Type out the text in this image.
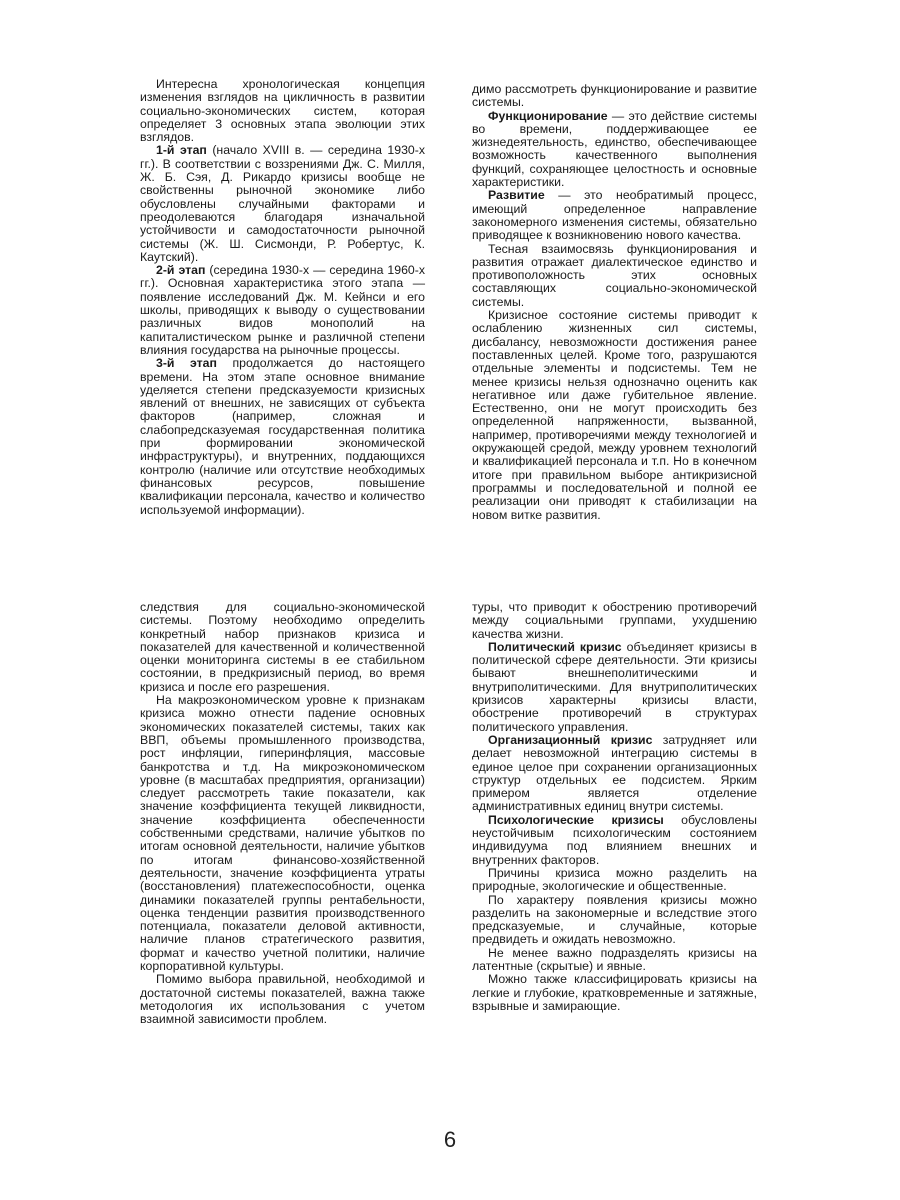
Интересна хронологическая концепция изменения взглядов на цикличность в развитии социально-экономических систем, которая определяет 3 основных этапа эволюции этих взглядов.

1-й этап (начало XVIII в. — середина 1930-х гг.). В соответствии с воззрениями Дж. С. Милля, Ж. Б. Сэя, Д. Рикардо кризисы вообще не свойственны рыночной экономике либо обусловлены случайными факторами и преодолеваются благодаря изначальной устойчивости и самодостаточности рыночной системы (Ж. Ш. Сисмонди, Р. Робертус, К. Каутский).

2-й этап (середина 1930-х — середина 1960-х гг.). Основная характеристика этого этапа — появление исследований Дж. М. Кейнси и его школы, приводящих к выводу о существовании различных видов монополий на капиталистическом рынке и различной степени влияния государства на рыночные процессы.

3-й этап продолжается до настоящего времени. На этом этапе основное внимание уделяется степени предсказуемости кризисных явлений от внешних, не зависящих от субъекта факторов (например, сложная и слабопредсказуемая государственная политика при формировании экономической инфраструктуры), и внутренних, поддающихся контролю (наличие или отсутствие необходимых финансовых ресурсов, повышение квалификации персонала, качество и количество используемой информации).

димо рассмотреть функционирование и развитие системы.

Функционирование — это действие системы во времени, поддерживающее ее жизнедеятельность, единство, обеспечивающее возможность качественного выполнения функций, сохраняющее целостность и основные характеристики.

Развитие — это необратимый процесс, имеющий определенное направление закономерного изменения системы, обязательно приводящее к возникновению нового качества.

Тесная взаимосвязь функционирования и развития отражает диалектическое единство и противоположность этих основных составляющих социально-экономической системы.

Кризисное состояние системы приводит к ослаблению жизненных сил системы, дисбалансу, невозможности достижения ранее поставленных целей. Кроме того, разрушаются отдельные элементы и подсистемы. Тем не менее кризисы нельзя однозначно оценить как негативное или даже губительное явление. Естественно, они не могут происходить без определенной напряженности, вызванной, например, противоречиями между технологией и окружающей средой, между уровнем технологий и квалификацией персонала и т.п. Но в конечном итоге при правильном выборе антикризисной программы и последовательной и полной ее реализации они приводят к стабилизации на новом витке развития.

следствия для социально-экономической системы. Поэтому необходимо определить конкретный набор признаков кризиса и показателей для качественной и количественной оценки мониторинга системы в ее стабильном состоянии, в предкризисный период, во время кризиса и после его разрешения.

На макроэкономическом уровне к признакам кризиса можно отнести падение основных экономических показателей системы, таких как ВВП, объемы промышленного производства, рост инфляции, гиперинфляция, массовые банкротства и т.д. На микроэкономическом уровне (в масштабах предприятия, организации) следует рассмотреть такие показатели, как значение коэффициента текущей ликвидности, значение коэффициента обеспеченности собственными средствами, наличие убытков по итогам основной деятельности, наличие убытков по итогам финансово-хозяйственной деятельности, значение коэффициента утраты (восстановления) платежеспособности, оценка динамики показателей группы рентабельности, оценка тенденции развития производственного потенциала, показатели деловой активности, наличие планов стратегического развития, формат и качество учетной политики, наличие корпоративной культуры.

Помимо выбора правильной, необходимой и достаточной системы показателей, важна также методология их использования с учетом взаимной зависимости проблем.

туры, что приводит к обострению противоречий между социальными группами, ухудшению качества жизни.

Политический кризис объединяет кризисы в политической сфере деятельности. Эти кризисы бывают внешнеполитическими и внутриполитическими. Для внутриполитических кризисов характерны кризисы власти, обострение противоречий в структурах политического управления.

Организационный кризис затрудняет или делает невозможной интеграцию системы в единое целое при сохранении организационных структур отдельных ее подсистем. Ярким примером является отделение административных единиц внутри системы.

Психологические кризисы обусловлены неустойчивым психологическим состоянием индивидуума под влиянием внешних и внутренних факторов.

Причины кризиса можно разделить на природные, экологические и общественные.

По характеру появления кризисы можно разделить на закономерные и вследствие этого предсказуемые, и случайные, которые предвидеть и ожидать невозможно.

Не менее важно подразделять кризисы на латентные (скрытые) и явные.

Можно также классифицировать кризисы на легкие и глубокие, кратковременные и затяжные, взрывные и замирающие.

6
